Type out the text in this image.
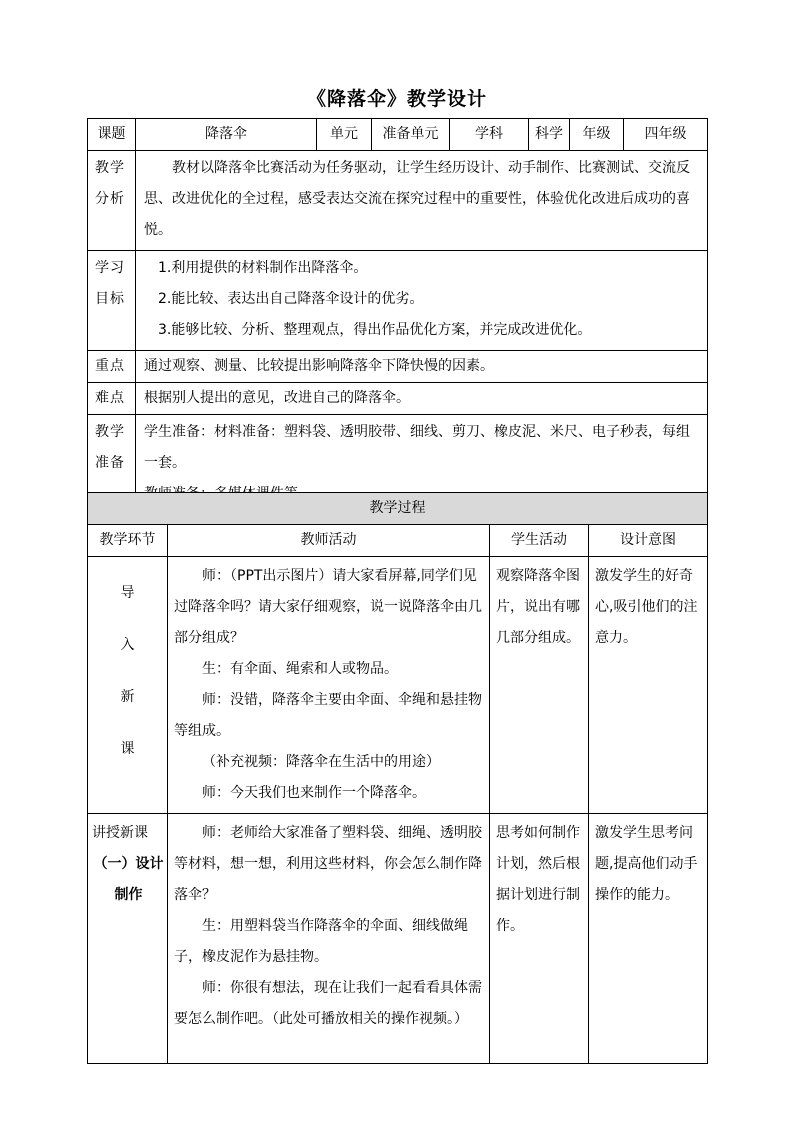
《降落伞》教学设计
课题	降落伞	单元	准备单元	学科	科学	年级	四年级
教学分析	教材以降落伞比赛活动为任务驱动，让学生经历设计、动手制作、比赛测试、交流反思、改进优化的全过程，感受表达交流在探究过程中的重要性，体验优化改进后成功的喜悦。						
学习目标	1.利用提供的材料制作出降落伞。
2.能比较、表达出自己降落伞设计的优劣。
3.能够比较、分析、整理观点，得出作品优化方案，并完成改进优化。						

重点	通过观察、测量、比较提出影响降落伞下降快慢的因素。						
难点	根据别人提出的意见，改进自己的降落伞。						
教学准备	学生准备：材料准备：塑料袋、透明胶带、细线、剪刀、橡皮泥、米尺、电子秒表，每组一套。						
教学过程			
教学环节	教师活动	学生活动	设计意图

导
入
新
课	师：（PPT出示图片）请大家看屏幕,同学们见过降落伞吗？请大家仔细观察，说一说降落伞由几部分组成？
生：有伞面、绳索和人或物品。
师：没错，降落伞主要由伞面、伞绳和悬挂物等组成。
（补充视频：降落伞在生活中的用途）
师：今天我们也来制作一个降落伞。	观察降落伞图片，说出有哪几部分组成。	激发学生的好奇心,吸引他们的注意力。

讲授新课
（一）设计制作	师：老师给大家准备了塑料袋、细绳、透明胶等材料，想一想，利用这些材料，你会怎么制作降落伞？
生：用塑料袋当作降落伞的伞面、细线做绳子，橡皮泥作为悬挂物。
师：你很有想法，现在让我们一起看看具体需要怎么制作吧。（此处可播放相关的操作视频。）	思考如何制作计划，然后根据计划进行制作。	激发学生思考问题,提高他们动手操作的能力。
